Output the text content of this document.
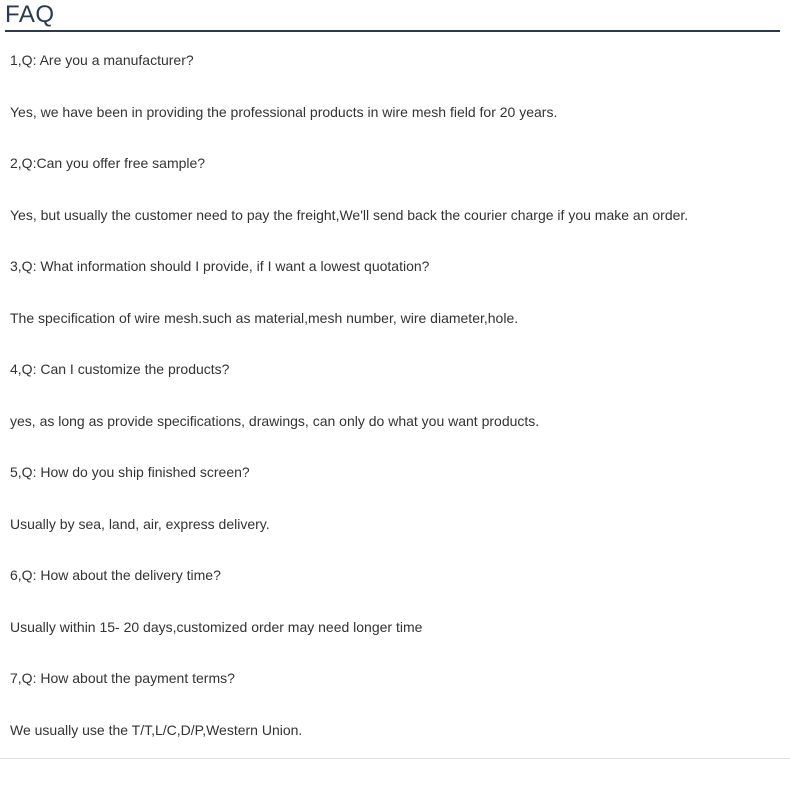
FAQ
1,Q: Are you a manufacturer?
Yes, we have been in providing the professional products in wire mesh field for 20 years.
2,Q:Can you offer free sample?
Yes, but usually the customer need to pay the freight,We'll send back the courier charge if you make an order.
3,Q: What information should I provide, if I want a lowest quotation?
The specification of wire mesh.such as material,mesh number, wire diameter,hole.
4,Q: Can I customize the products?
yes, as long as provide specifications, drawings, can only do what you want products.
5,Q: How do you ship finished screen?
Usually by sea, land, air, express delivery.
6,Q: How about the delivery time?
Usually within 15- 20 days,customized order may need longer time
7,Q: How about the payment terms?
We usually use the T/T,L/C,D/P,Western Union.
